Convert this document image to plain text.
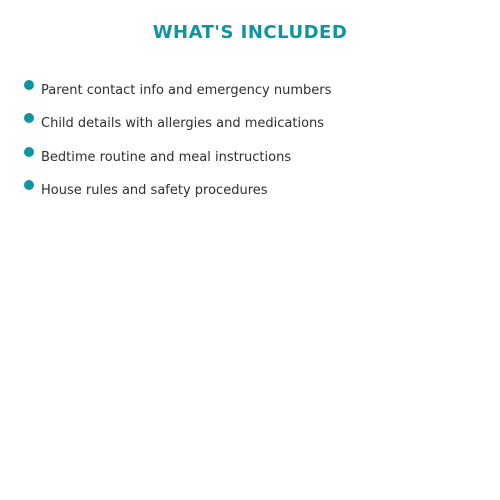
WHAT'S INCLUDED
Parent contact info and emergency numbers
Child details with allergies and medications
Bedtime routine and meal instructions
House rules and safety procedures
